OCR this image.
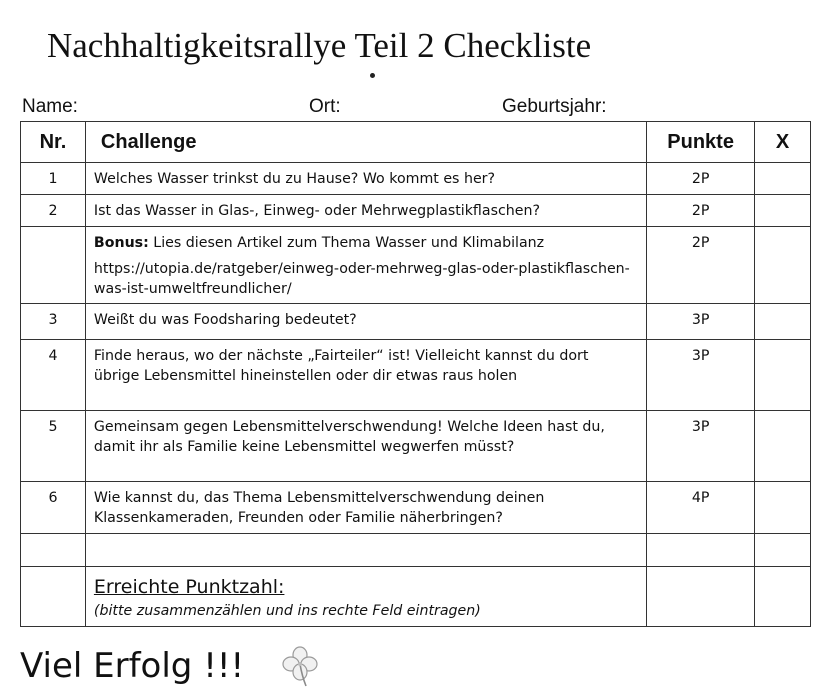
Nachhaltigkeitsrallye Teil 2 Checkliste
Name:	Ort:	Geburtsjahr:
Nr.	Challenge	Punkte	X
1	Welches Wasser trinkst du zu Hause? Wo kommt es her?	2P	
2	Ist das Wasser in Glas-, Einweg- oder Mehrwegplastikflaschen?	2P	
	Bonus: Lies diesen Artikel zum Thema Wasser und Klimabilanz
https://utopia.de/ratgeber/einweg-oder-mehrweg-glas-oder-plastikflaschen-was-ist-umweltfreundlicher/	2P	
3	Weißt du was Foodsharing bedeutet?	3P	
4	Finde heraus, wo der nächste „Fairteiler“ ist! Vielleicht kannst du dort übrige Lebensmittel hineinstellen oder dir etwas raus holen	3P	
5	Gemeinsam gegen Lebensmittelverschwendung! Welche Ideen hast du, damit ihr als Familie keine Lebensmittel wegwerfen müsst?	3P	
6	Wie kannst du, das Thema Lebensmittelverschwendung deinen Klassenkameraden, Freunden oder Familie näherbringen?	4P	

	Erreichte Punktzahl:
(bitte zusammenzählen und ins rechte Feld eintragen)		

Viel Erfolg !!!
